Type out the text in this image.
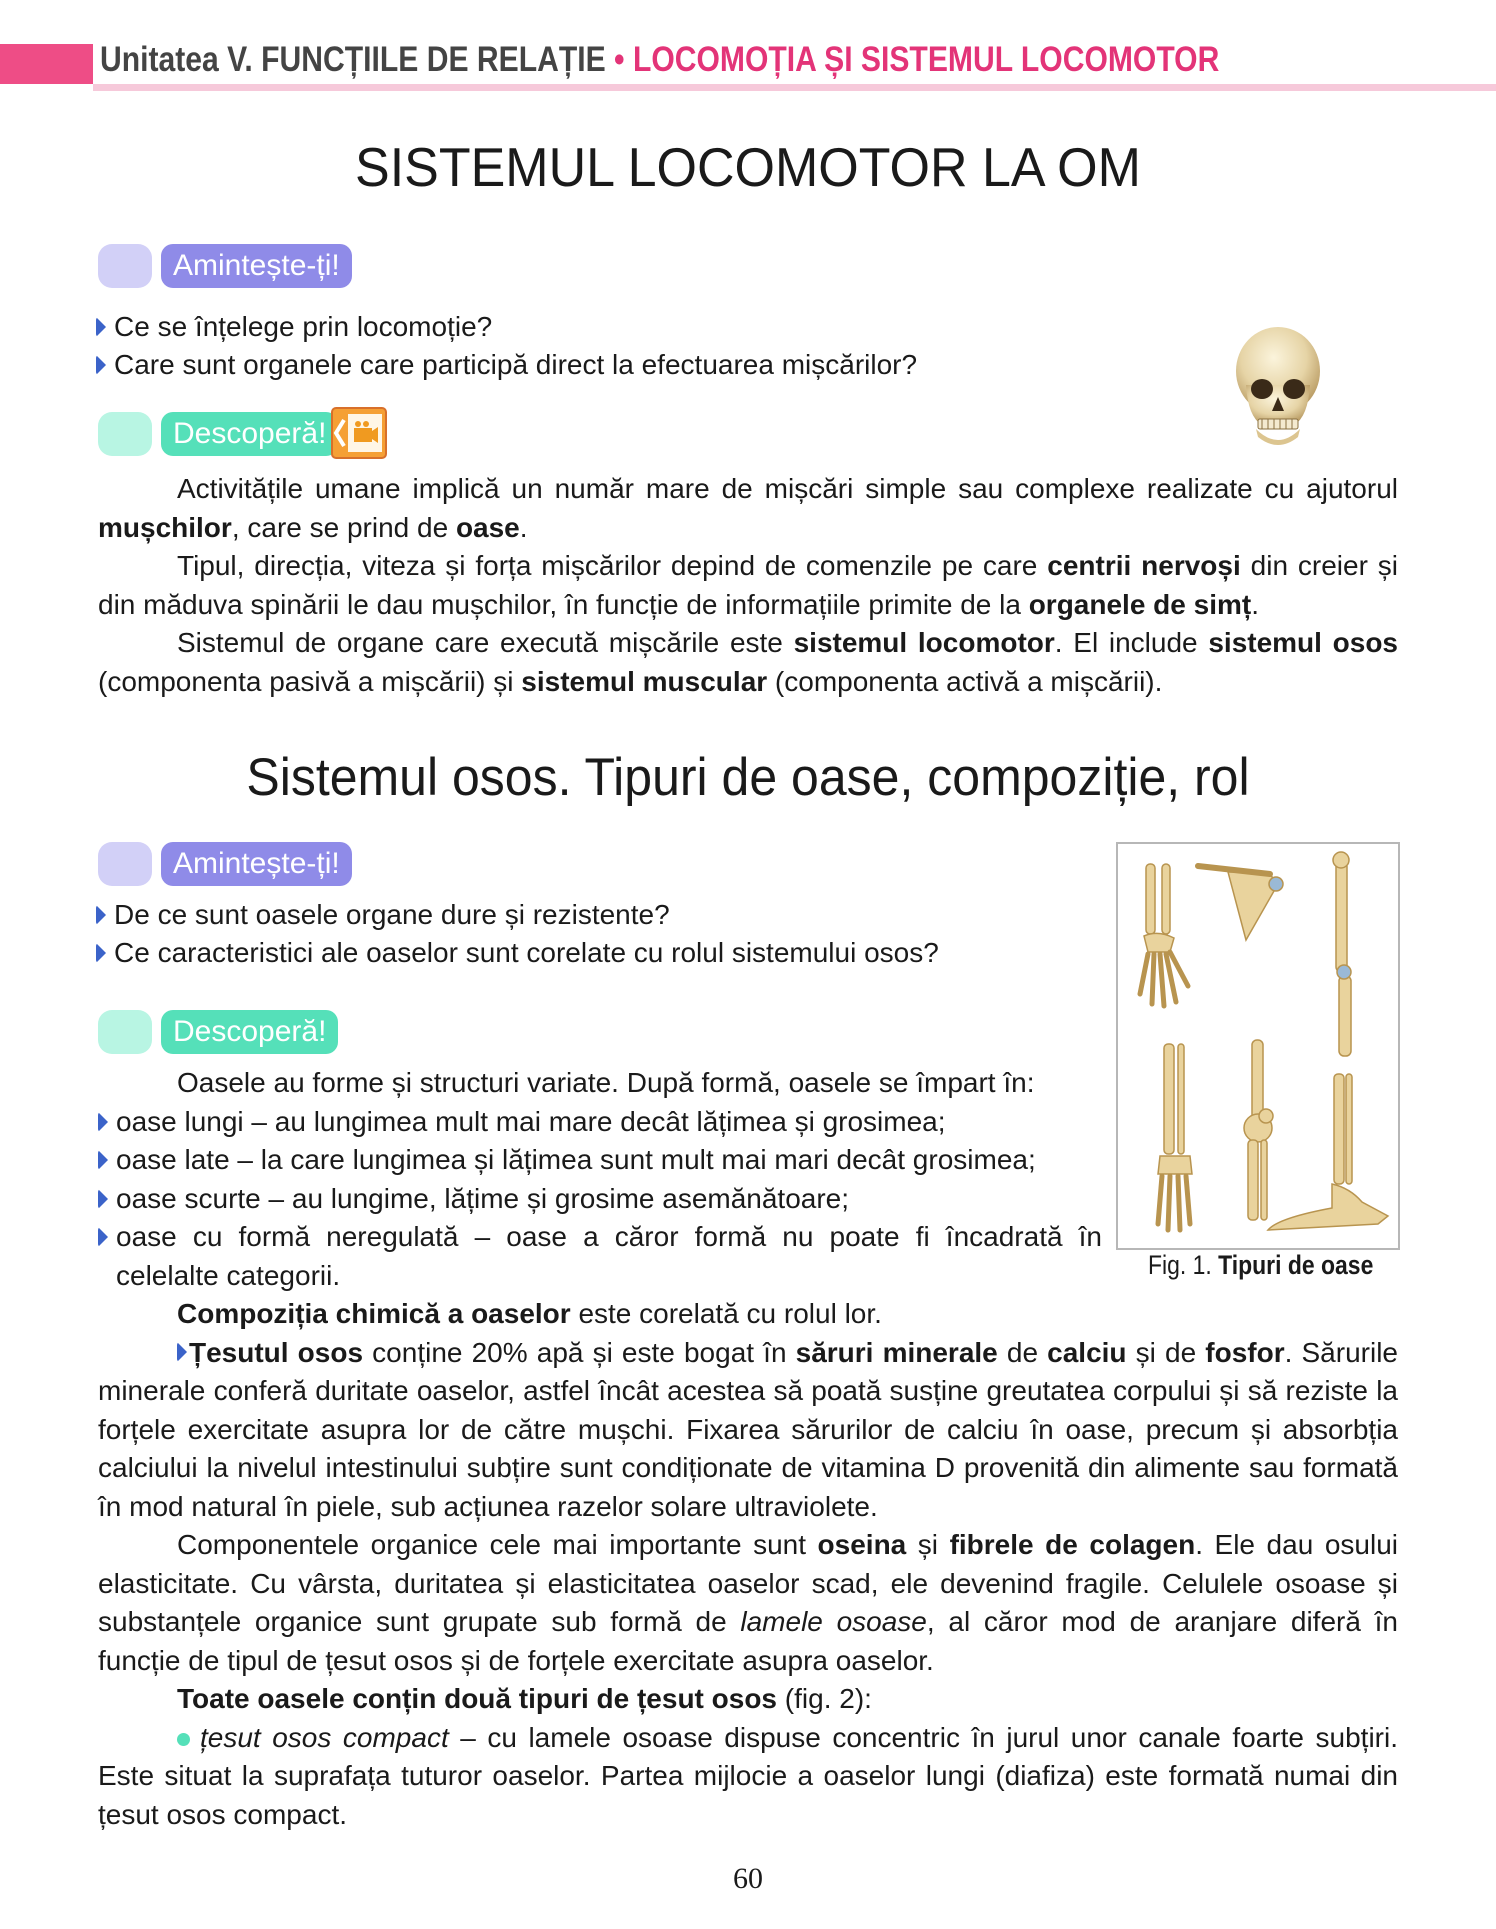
Unitatea V. FUNCȚIILE DE RELAȚIE • LOCOMOȚIA ȘI SISTEMUL LOCOMOTOR
SISTEMUL LOCOMOTOR LA OM
Amintește-ți!
Ce se înțelege prin locomoție?
Care sunt organele care participă direct la efectuarea mișcărilor?
Descoperă!

Activitățile umane implică un număr mare de mișcări simple sau complexe realizate cu ajutorul mușchilor, care se prind de oase.

Tipul, direcția, viteza și forța mișcărilor depind de comenzile pe care centrii nervoși din creier și din măduva spinării le dau mușchilor, în funcție de informațiile primite de la organele de simț.

Sistemul de organe care execută mișcările este sistemul locomotor. El include sistemul osos (componenta pasivă a mișcării) și sistemul muscular (componenta activă a mișcării).

Sistemul osos. Tipuri de oase, compoziție, rol
Amintește-ți!
De ce sunt oasele organe dure și rezistente?
Ce caracteristici ale oaselor sunt corelate cu rolul sistemului osos?
Descoperă!

Oasele au forme și structuri variate. După formă, oasele se împart în:

oase lungi – au lungimea mult mai mare decât lățimea și grosimea;
oase late – la care lungimea și lățimea sunt mult mai mari decât grosimea;
oase scurte – au lungime, lățime și grosime asemănătoare;
oase cu formă neregulată – oase a căror formă nu poate fi încadrată în celelalte categorii.	Fig. 1. Tipuri de oase

Compoziția chimică a oaselor este corelată cu rolul lor.

Țesutul osos conține 20% apă și este bogat în săruri minerale de calciu și de fosfor. Sărurile minerale conferă duritate oaselor, astfel încât acestea să poată susține greutatea corpului și să reziste la forțele exercitate asupra lor de către mușchi. Fixarea sărurilor de calciu în oase, precum și absorbția calciului la nivelul intestinului subțire sunt condiționate de vitamina D provenită din alimente sau formată în mod natural în piele, sub acțiunea razelor solare ultraviolete.

Componentele organice cele mai importante sunt oseina și fibrele de colagen. Ele dau osului elasticitate. Cu vârsta, duritatea și elasticitatea oaselor scad, ele devenind fragile. Celulele osoase și substanțele organice sunt grupate sub formă de lamele osoase, al căror mod de aranjare diferă în funcție de tipul de țesut osos și de forțele exercitate asupra oaselor.

Toate oasele conțin două tipuri de țesut osos (fig. 2):

țesut osos compact – cu lamele osoase dispuse concentric în jurul unor canale foarte subțiri. Este situat la suprafața tuturor oaselor. Partea mijlocie a oaselor lungi (diafiza) este formată numai din țesut osos compact.

60
